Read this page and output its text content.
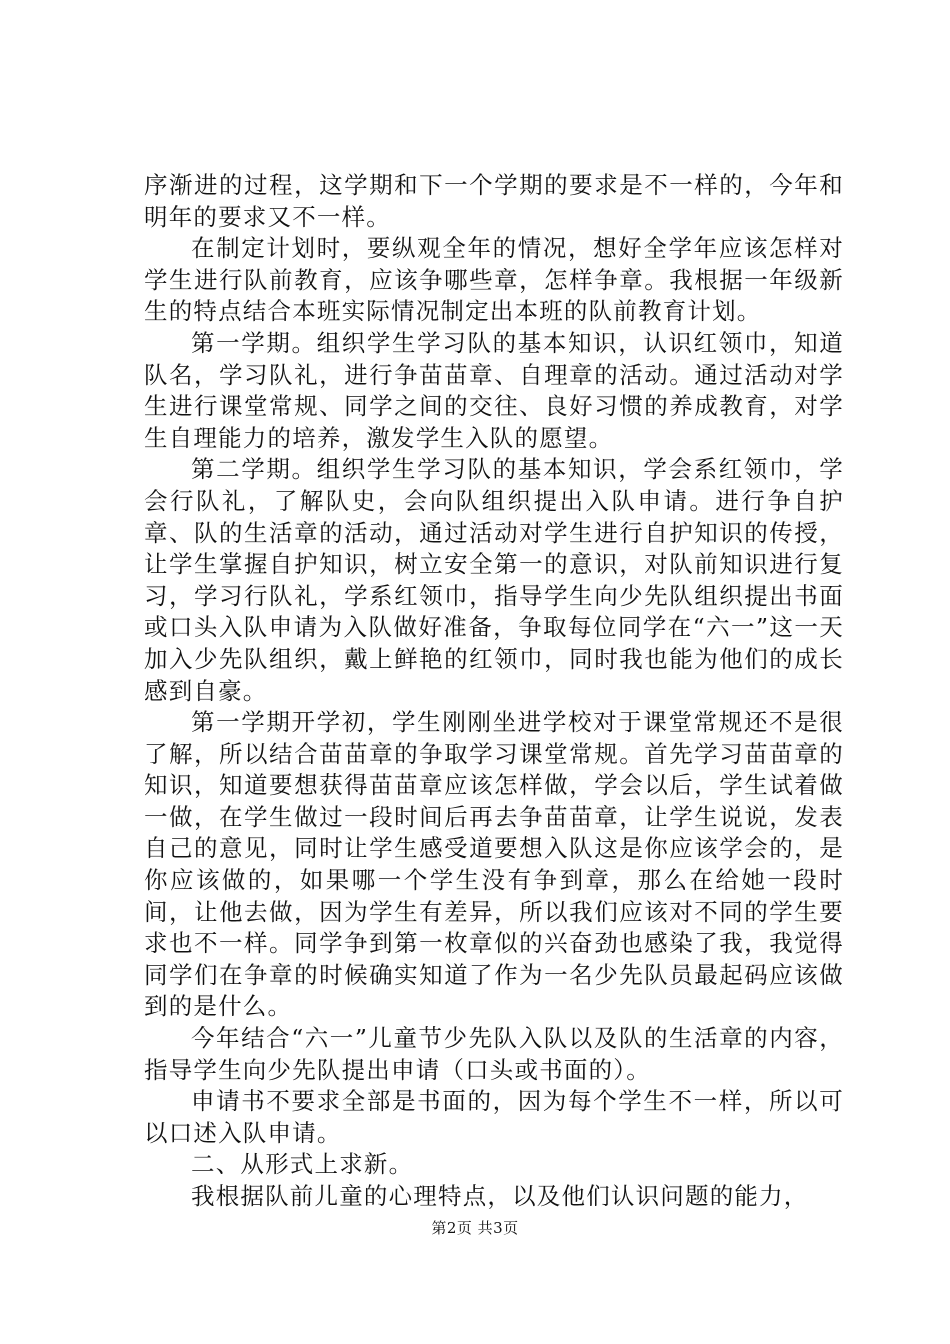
序渐进的过程，这学期和下一个学期的要求是不一样的，今年和明年的要求又不一样。

在制定计划时，要纵观全年的情况，想好全学年应该怎样对学生进行队前教育，应该争哪些章，怎样争章。我根据一年级新生的特点结合本班实际情况制定出本班的队前教育计划。

第一学期。组织学生学习队的基本知识，认识红领巾，知道队名，学习队礼，进行争苗苗章、自理章的活动。通过活动对学生进行课堂常规、同学之间的交往、良好习惯的养成教育，对学生自理能力的培养，激发学生入队的愿望。

第二学期。组织学生学习队的基本知识，学会系红领巾，学会行队礼，了解队史，会向队组织提出入队申请。进行争自护章、队的生活章的活动，通过活动对学生进行自护知识的传授，让学生掌握自护知识，树立安全第一的意识，对队前知识进行复习，学习行队礼，学系红领巾，指导学生向少先队组织提出书面或口头入队申请为入队做好准备，争取每位同学在“六一”这一天加入少先队组织，戴上鲜艳的红领巾，同时我也能为他们的成长感到自豪。

第一学期开学初，学生刚刚坐进学校对于课堂常规还不是很了解，所以结合苗苗章的争取学习课堂常规。首先学习苗苗章的知识，知道要想获得苗苗章应该怎样做，学会以后，学生试着做一做，在学生做过一段时间后再去争苗苗章，让学生说说，发表自己的意见，同时让学生感受道要想入队这是你应该学会的，是你应该做的，如果哪一个学生没有争到章，那么在给她一段时间，让他去做，因为学生有差异，所以我们应该对不同的学生要求也不一样。同学争到第一枚章似的兴奋劲也感染了我，我觉得同学们在争章的时候确实知道了作为一名少先队员最起码应该做到的是什么。

今年结合“六一”儿童节少先队入队以及队的生活章的内容，指导学生向少先队提出申请（口头或书面的）。

申请书不要求全部是书面的，因为每个学生不一样，所以可以口述入队申请。

二、从形式上求新。

我根据队前儿童的心理特点，以及他们认识问题的能力，

第2页 共3页
